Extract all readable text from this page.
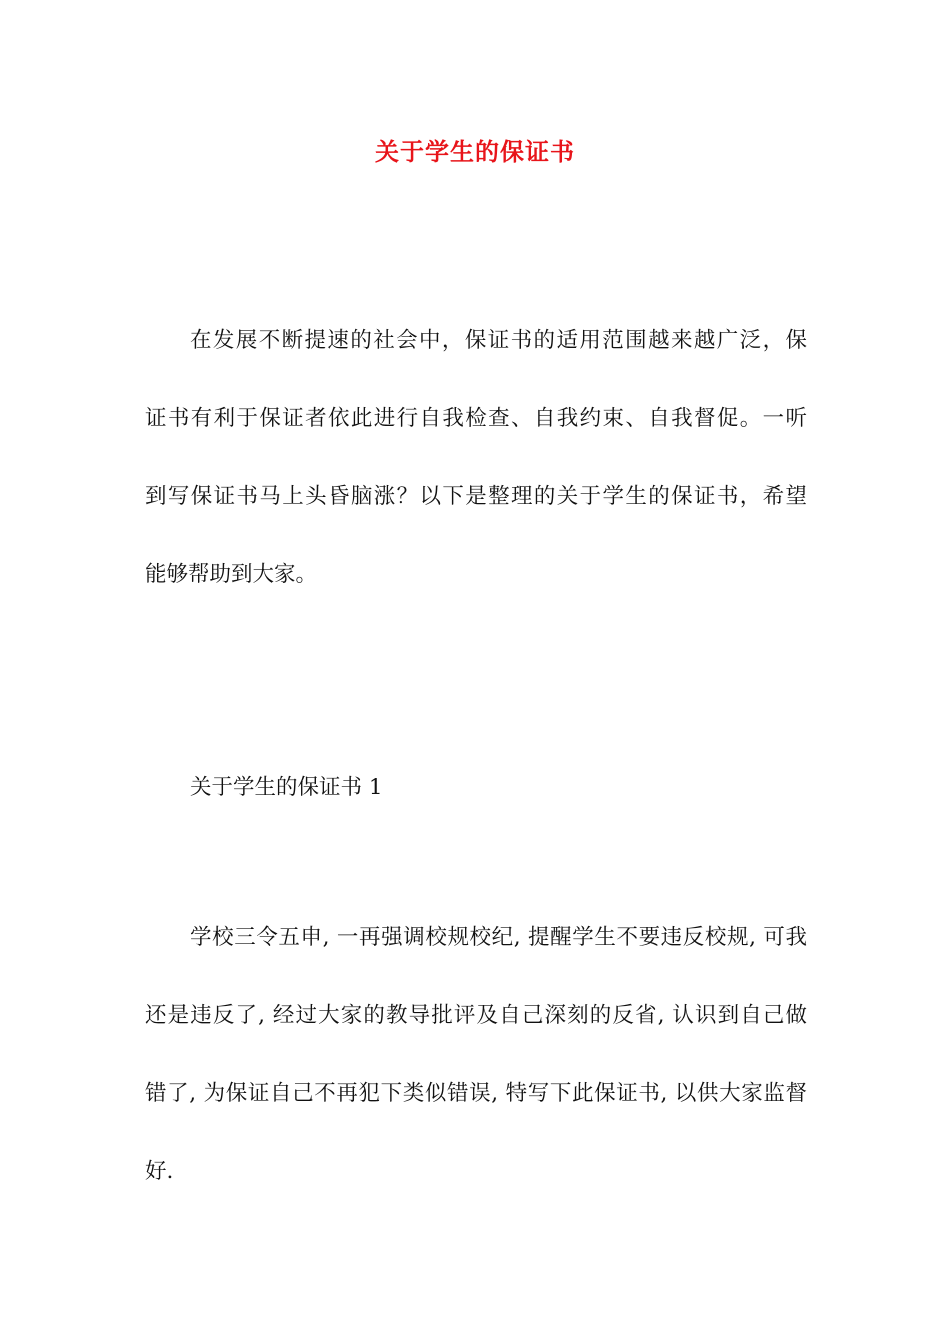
关于学生的保证书
在发展不断提速的社会中，保证书的适用范围越来越广泛，保
证书有利于保证者依此进行自我检查、自我约束、自我督促。一听
到写保证书马上头昏脑涨？以下是整理的关于学生的保证书，希望
能够帮助到大家。
关于学生的保证书 1
学校三令五申, 一再强调校规校纪, 提醒学生不要违反校规, 可我
还是违反了, 经过大家的教导批评及自己深刻的反省, 认识到自己做
错了, 为保证自己不再犯下类似错误, 特写下此保证书, 以供大家监督
好.
